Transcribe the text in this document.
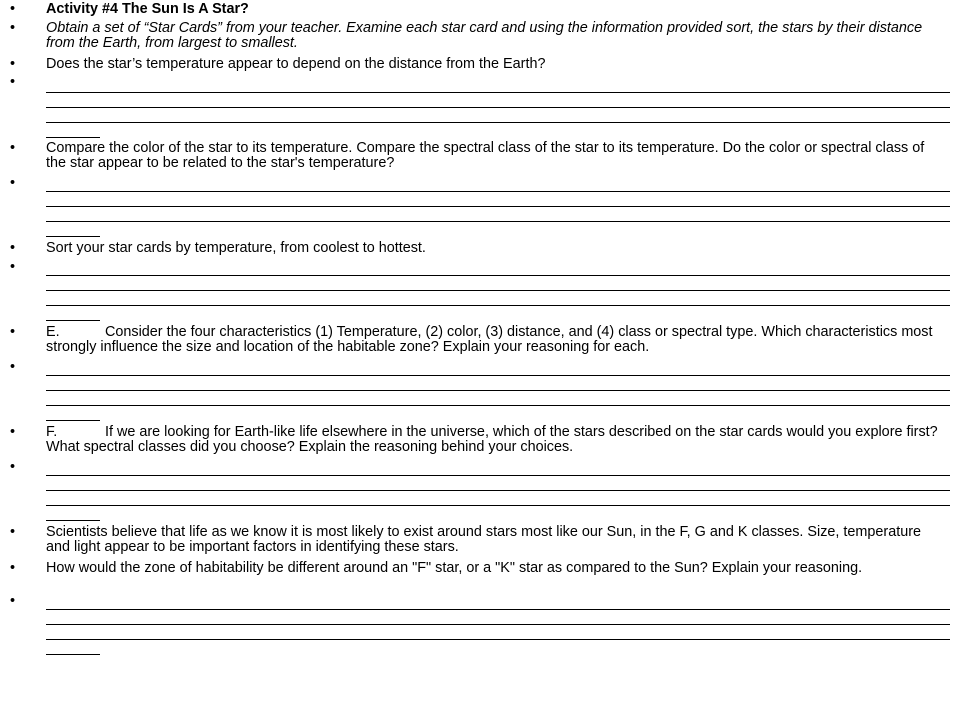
• Activity #4 The Sun Is A Star?
• Obtain a set of “Star Cards” from your teacher. Examine each star card and using the information provided sort, the stars by their distance from the Earth, from largest to smallest.
• Does the star’s temperature appear to depend on the distance from the Earth?
•
• Compare the color of the star to its temperature. Compare the spectral class of the star to its temperature. Do the color or spectral class of the star appear to be related to the star's temperature?
•
• Sort your star cards by temperature, from coolest to hottest.
•
• E.	Consider the four characteristics (1) Temperature, (2) color, (3) distance, and (4) class or spectral type. Which characteristics most strongly influence the size and location of the habitable zone? Explain your reasoning for each.
•
• F.	If we are looking for Earth-like life elsewhere in the universe, which of the stars described on the star cards would you explore first? What spectral classes did you choose? Explain the reasoning behind your choices.
•
• Scientists believe that life as we know it is most likely to exist around stars most like our Sun, in the F, G and K classes. Size, temperature and light appear to be important factors in identifying these stars.
• How would the zone of habitability be different around an "F" star, or a "K" star as compared to the Sun? Explain your reasoning.
•
